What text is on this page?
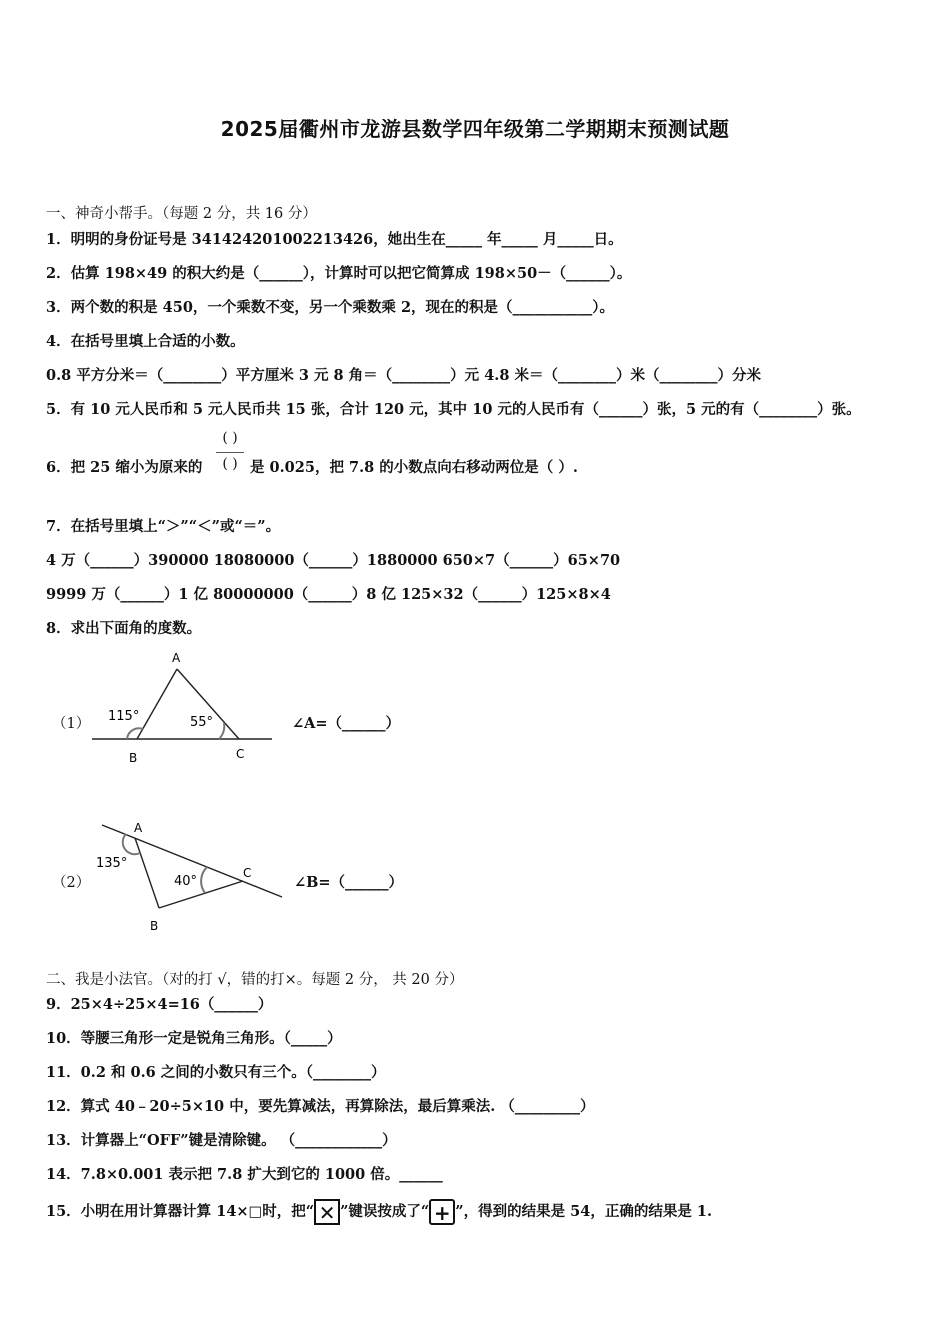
2025届衢州市龙游县数学四年级第二学期期末预测试题
一、神奇小帮手。（每题 2 分，共 16 分）
1．明明的身份证号是 341424201002213426，她出生在_____ 年_____ 月_____日。
2．估算 198×49 的积大约是（______），计算时可以把它简算成 198×50－（______）。
3．两个数的积是 450，一个乘数不变，另一个乘数乘 2，现在的积是（___________）。
4．在括号里填上合适的小数。
0.8 平方分米＝（________）平方厘米 3 元 8 角＝（________）元 4.8 米＝（________）米（________）分米
5．有 10 元人民币和 5 元人民币共 15 张，合计 120 元，其中 10 元的人民币有（______）张，5 元的有（________）张。
6．把 25 缩小为原来的
( )
( ) 是 0.025，把 7.8 的小数点向右移动两位是（ ）.
7．在括号里填上“＞”“＜”或“＝”。
4 万（______）390000 18080000（______）1880000 650×7（______）65×70
9999 万（______）1 亿 80000000（______）8 亿 125×32（______）125×8×4
8．求出下面角的度数。
A
B	C
115°	55°
（1）	∠A=（______）
A
B
C
135°
40°
（2）	∠B=（______）
二、我是小法官。（对的打 √，错的打×。每题 2 分， 共 20 分）
9．25×4÷25×4=16（______）
10．等腰三角形一定是锐角三角形。（_____）
11．0.2 和 0.6 之间的小数只有三个。（________）
12．算式 40﹣20÷5×10 中，要先算减法，再算除法，最后算乘法. （_________）
13．计算器上“OFF”键是清除键。 （____________）
14．7.8×0.001 表示把 7.8 扩大到它的 1000 倍。______
15．小明在用计算器计算 14×□时，把“ ✕ ”键误按成了“ + ”，得到的结果是 54，正确的结果是 1.
